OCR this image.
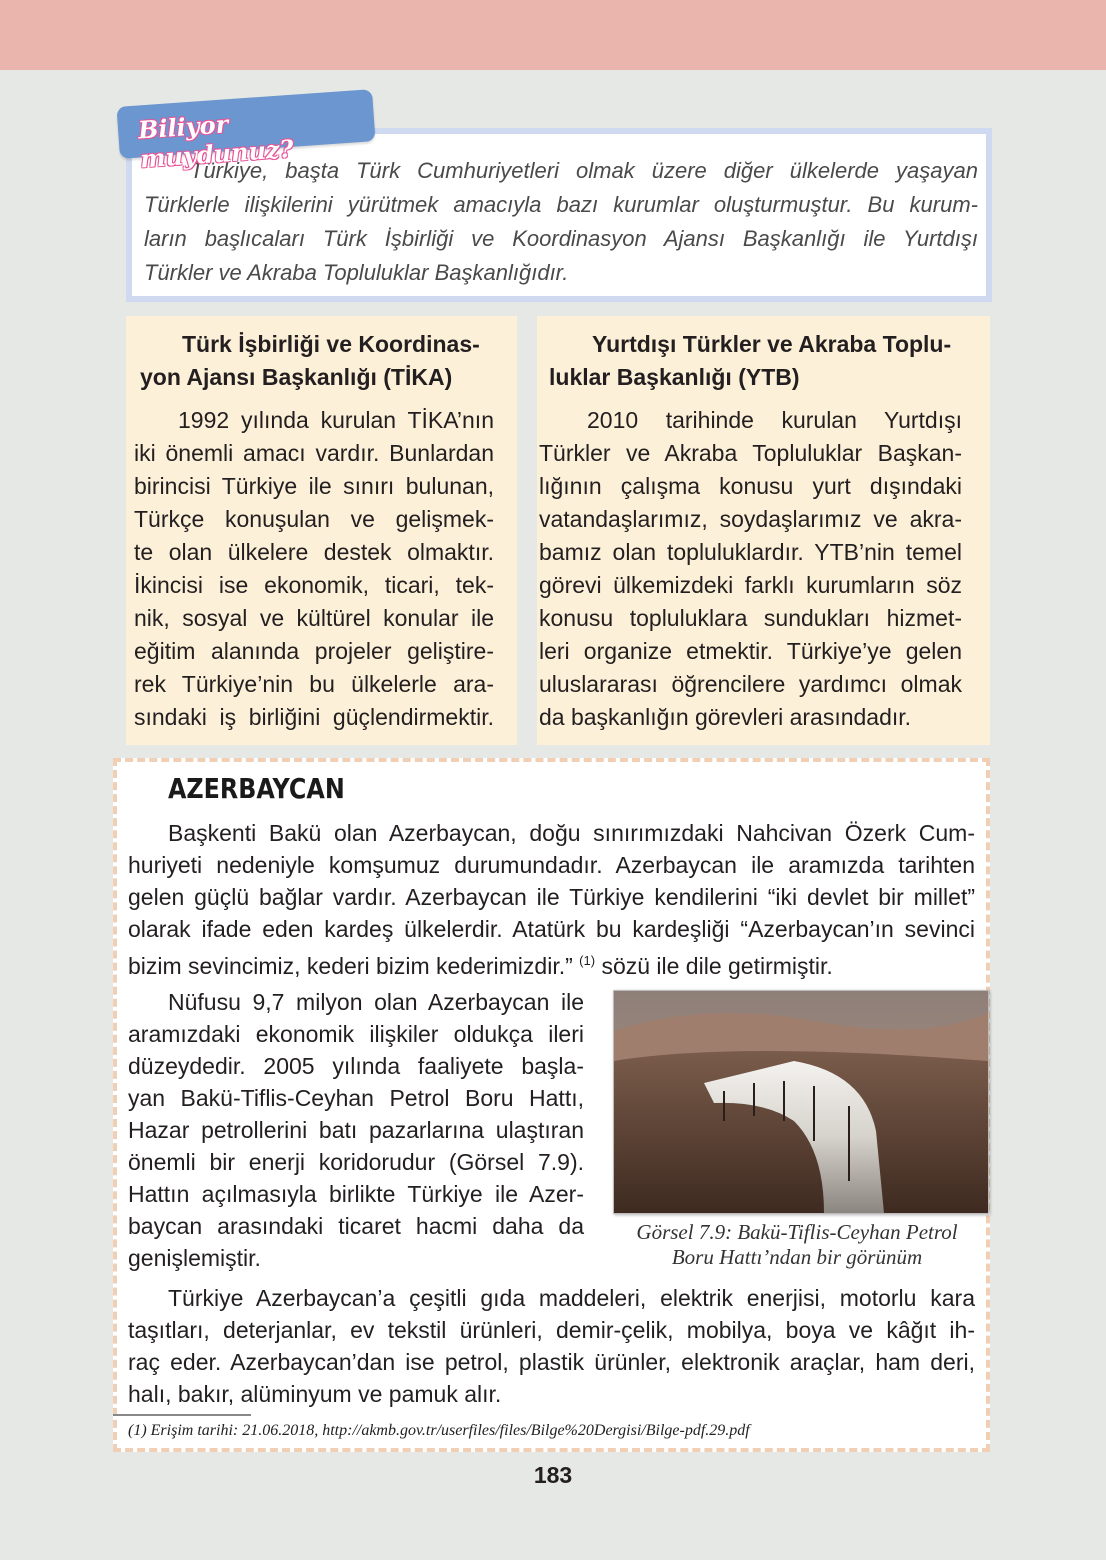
Türkiye, başta Türk Cumhuriyetleri olmak üzere diğer ülkelerde yaşayan
Türklerle ilişkilerini yürütmek amacıyla bazı kurumlar oluşturmuştur. Bu kurum-
ların başlıcaları Türk İşbirliği ve Koordinasyon Ajansı Başkanlığı ile Yurtdışı
Türkler ve Akraba Topluluklar Başkanlığıdır.
Biliyor muydunuz?
Türk İşbirliği ve Koordinas-
yon Ajansı Başkanlığı (TİKA)
1992 yılında kurulan TİKA’nın
iki önemli amacı vardır. Bunlardan
birincisi Türkiye ile sınırı bulunan,
Türkçe konuşulan ve gelişmek-
te olan ülkelere destek olmaktır.
İkincisi ise ekonomik, ticari, tek-
nik, sosyal ve kültürel konular ile
eğitim alanında projeler geliştire-
rek Türkiye’nin bu ülkelerle ara-
sındaki iş birliğini güçlendirmektir.
Yurtdışı Türkler ve Akraba Toplu-
luklar Başkanlığı (YTB)
2010 tarihinde kurulan Yurtdışı
Türkler ve Akraba Topluluklar Başkan-
lığının çalışma konusu yurt dışındaki
vatandaşlarımız, soydaşlarımız ve akra-
bamız olan topluluklardır. YTB’nin temel
görevi ülkemizdeki farklı kurumların söz
konusu topluluklara sundukları hizmet-
leri organize etmektir. Türkiye’ye gelen
uluslararası öğrencilere yardımcı olmak
da başkanlığın görevleri arasındadır.
AZERBAYCAN
Başkenti Bakü olan Azerbaycan, doğu sınırımızdaki Nahcivan Özerk Cum-
huriyeti nedeniyle komşumuz durumundadır. Azerbaycan ile aramızda tarihten
gelen güçlü bağlar vardır. Azerbaycan ile Türkiye kendilerini “iki devlet bir millet”
olarak ifade eden kardeş ülkelerdir. Atatürk bu kardeşliği “Azerbaycan’ın sevinci
bizim sevincimiz, kederi bizim kederimizdir.” $^{(1)}$ sözü ile dile getirmiştir.
Nüfusu 9,7 milyon olan Azerbaycan ile
aramızdaki ekonomik ilişkiler oldukça ileri
düzeydedir. 2005 yılında faaliyete başla-
yan Bakü-Tiflis-Ceyhan Petrol Boru Hattı,
Hazar petrollerini batı pazarlarına ulaştıran
önemli bir enerji koridorudur (Görsel 7.9).
Hattın açılmasıyla birlikte Türkiye ile Azer-
baycan arasındaki ticaret hacmi daha da
genişlemiştir.
Görsel 7.9: Bakü-Tiflis-Ceyhan Petrol
Boru Hattı’ndan bir görünüm
Türkiye Azerbaycan’a çeşitli gıda maddeleri, elektrik enerjisi, motorlu kara
taşıtları, deterjanlar, ev tekstil ürünleri, demir-çelik, mobilya, boya ve kâğıt ih-
raç eder. Azerbaycan’dan ise petrol, plastik ürünler, elektronik araçlar, ham deri,
halı, bakır, alüminyum ve pamuk alır.
(1) Erişim tarihi: 21.06.2018, http://akmb.gov.tr/userfiles/files/Bilge%20Dergisi/Bilge-pdf.29.pdf
183
